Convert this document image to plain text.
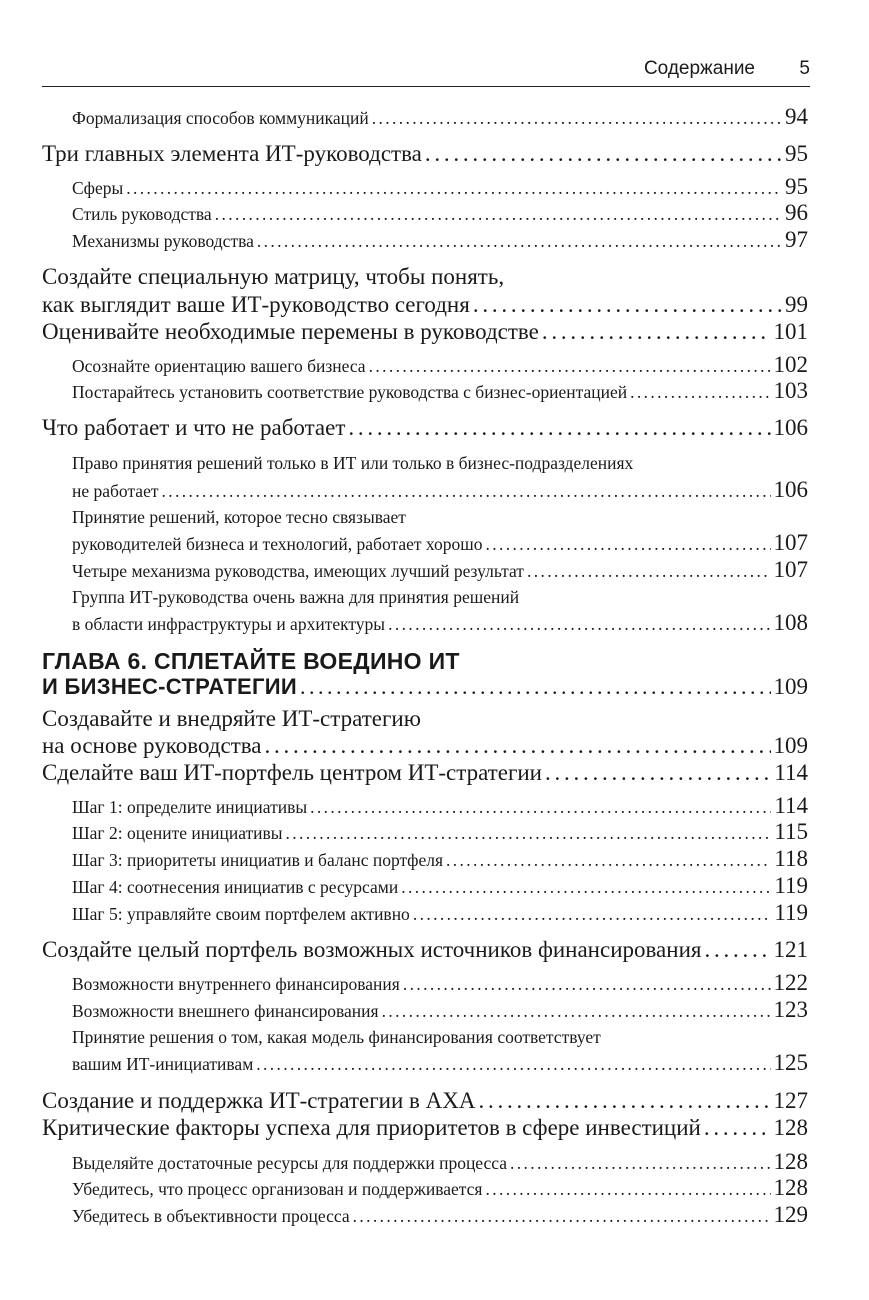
Содержание 5
Формализация способов коммуникаций . . .	94
Три главных элемента ИТ-руководства . . .	95
Сферы . . .	95
Стиль руководства . . .	96
Механизмы руководства . . .	97
Создайте специальную матрицу, чтобы понять,
как выглядит ваше ИТ-руководство сегодня . . .	99
Оценивайте необходимые перемены в руководстве . . .	101
Осознайте ориентацию вашего бизнеса . . .	102
Постарайтесь установить соответствие руководства с бизнес-ориентацией . . .	103
Что работает и что не работает . . .	106
Право принятия решений только в ИТ или только в бизнес-подразделениях
не работает . . .	106
Принятие решений, которое тесно связывает
руководителей бизнеса и технологий, работает хорошо . . .	107
Четыре механизма руководства, имеющих лучший результат . . .	107
Группа ИТ-руководства очень важна для принятия решений
в области инфраструктуры и архитектуры . . .	108
ГЛАВА 6. СПЛЕТАЙТЕ ВОЕДИНО ИТ
И БИЗНЕС-СТРАТЕГИИ . . .	109
Создавайте и внедряйте ИТ-стратегию
на основе руководства . . .	109
Сделайте ваш ИТ-портфель центром ИТ-стратегии . . .	114
Шаг 1: определите инициативы . . .	114
Шаг 2: оцените инициативы . . .	115
Шаг 3: приоритеты инициатив и баланс портфеля . . .	118
Шаг 4: соотнесения инициатив с ресурсами . . .	119
Шаг 5: управляйте своим портфелем активно . . .	119
Создайте целый портфель возможных источников финансирования . . .	121
Возможности внутреннего финансирования . . .	122
Возможности внешнего финансирования . . .	123
Принятие решения о том, какая модель финансирования соответствует
вашим ИТ-инициативам . . .	125
Создание и поддержка ИТ-стратегии в AXA . . .	127
Критические факторы успеха для приоритетов в сфере инвестиций . . .	128
Выделяйте достаточные ресурсы для поддержки процесса . . .	128
Убедитесь, что процесс организован и поддерживается . . .	128
Убедитесь в объективности процесса . . .	129
